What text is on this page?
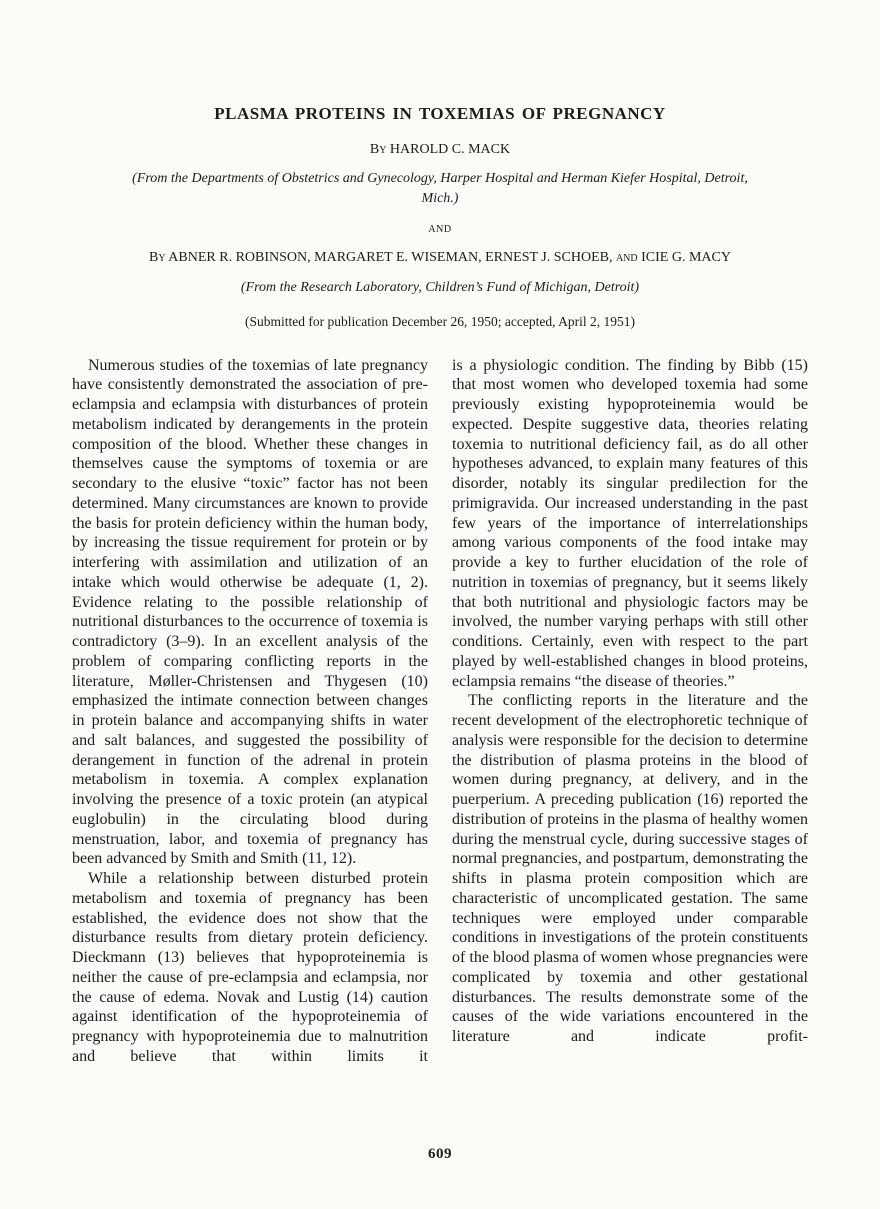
PLASMA PROTEINS IN TOXEMIAS OF PREGNANCY
By HAROLD C. MACK
(From the Departments of Obstetrics and Gynecology, Harper Hospital and Herman Kiefer Hospital, Detroit, Mich.)
AND
By ABNER R. ROBINSON, MARGARET E. WISEMAN, ERNEST J. SCHOEB, and ICIE G. MACY
(From the Research Laboratory, Children’s Fund of Michigan, Detroit)
(Submitted for publication December 26, 1950; accepted, April 2, 1951)

Numerous studies of the toxemias of late pregnancy have consistently demonstrated the association of pre-eclampsia and eclampsia with disturbances of protein metabolism indicated by derangements in the protein composition of the blood. Whether these changes in themselves cause the symptoms of toxemia or are secondary to the elusive “toxic” factor has not been determined. Many circumstances are known to provide the basis for protein deficiency within the human body, by increasing the tissue requirement for protein or by interfering with assimilation and utilization of an intake which would otherwise be adequate (1, 2). Evidence relating to the possible relationship of nutritional disturbances to the occurrence of toxemia is contradictory (3–9). In an excellent analysis of the problem of comparing conflicting reports in the literature, Møller-Christensen and Thygesen (10) emphasized the intimate connection between changes in protein balance and accompanying shifts in water and salt balances, and suggested the possibility of derangement in function of the adrenal in protein metabolism in toxemia. A complex explanation involving the presence of a toxic protein (an atypical euglobulin) in the circulating blood during menstruation, labor, and toxemia of pregnancy has been advanced by Smith and Smith (11, 12).

While a relationship between disturbed protein metabolism and toxemia of pregnancy has been established, the evidence does not show that the disturbance results from dietary protein deficiency. Dieckmann (13) believes that hypoproteinemia is neither the cause of pre-eclampsia and eclampsia, nor the cause of edema. Novak and Lustig (14) caution against identification of the hypoproteinemia of pregnancy with hypoproteinemia due to malnutrition and believe that within limits it

is a physiologic condition. The finding by Bibb (15) that most women who developed toxemia had some previously existing hypoproteinemia would be expected. Despite suggestive data, theories relating toxemia to nutritional deficiency fail, as do all other hypotheses advanced, to explain many features of this disorder, notably its singular predilection for the primigravida. Our increased understanding in the past few years of the importance of interrelationships among various components of the food intake may provide a key to further elucidation of the role of nutrition in toxemias of pregnancy, but it seems likely that both nutritional and physiologic factors may be involved, the number varying perhaps with still other conditions. Certainly, even with respect to the part played by well-established changes in blood proteins, eclampsia remains “the disease of theories.”

The conflicting reports in the literature and the recent development of the electrophoretic technique of analysis were responsible for the decision to determine the distribution of plasma proteins in the blood of women during pregnancy, at delivery, and in the puerperium. A preceding publication (16) reported the distribution of proteins in the plasma of healthy women during the menstrual cycle, during successive stages of normal pregnancies, and postpartum, demonstrating the shifts in plasma protein composition which are characteristic of uncomplicated gestation. The same techniques were employed under comparable conditions in investigations of the protein constituents of the blood plasma of women whose pregnancies were complicated by toxemia and other gestational disturbances. The results demonstrate some of the causes of the wide variations encountered in the literature and indicate profit-

609
